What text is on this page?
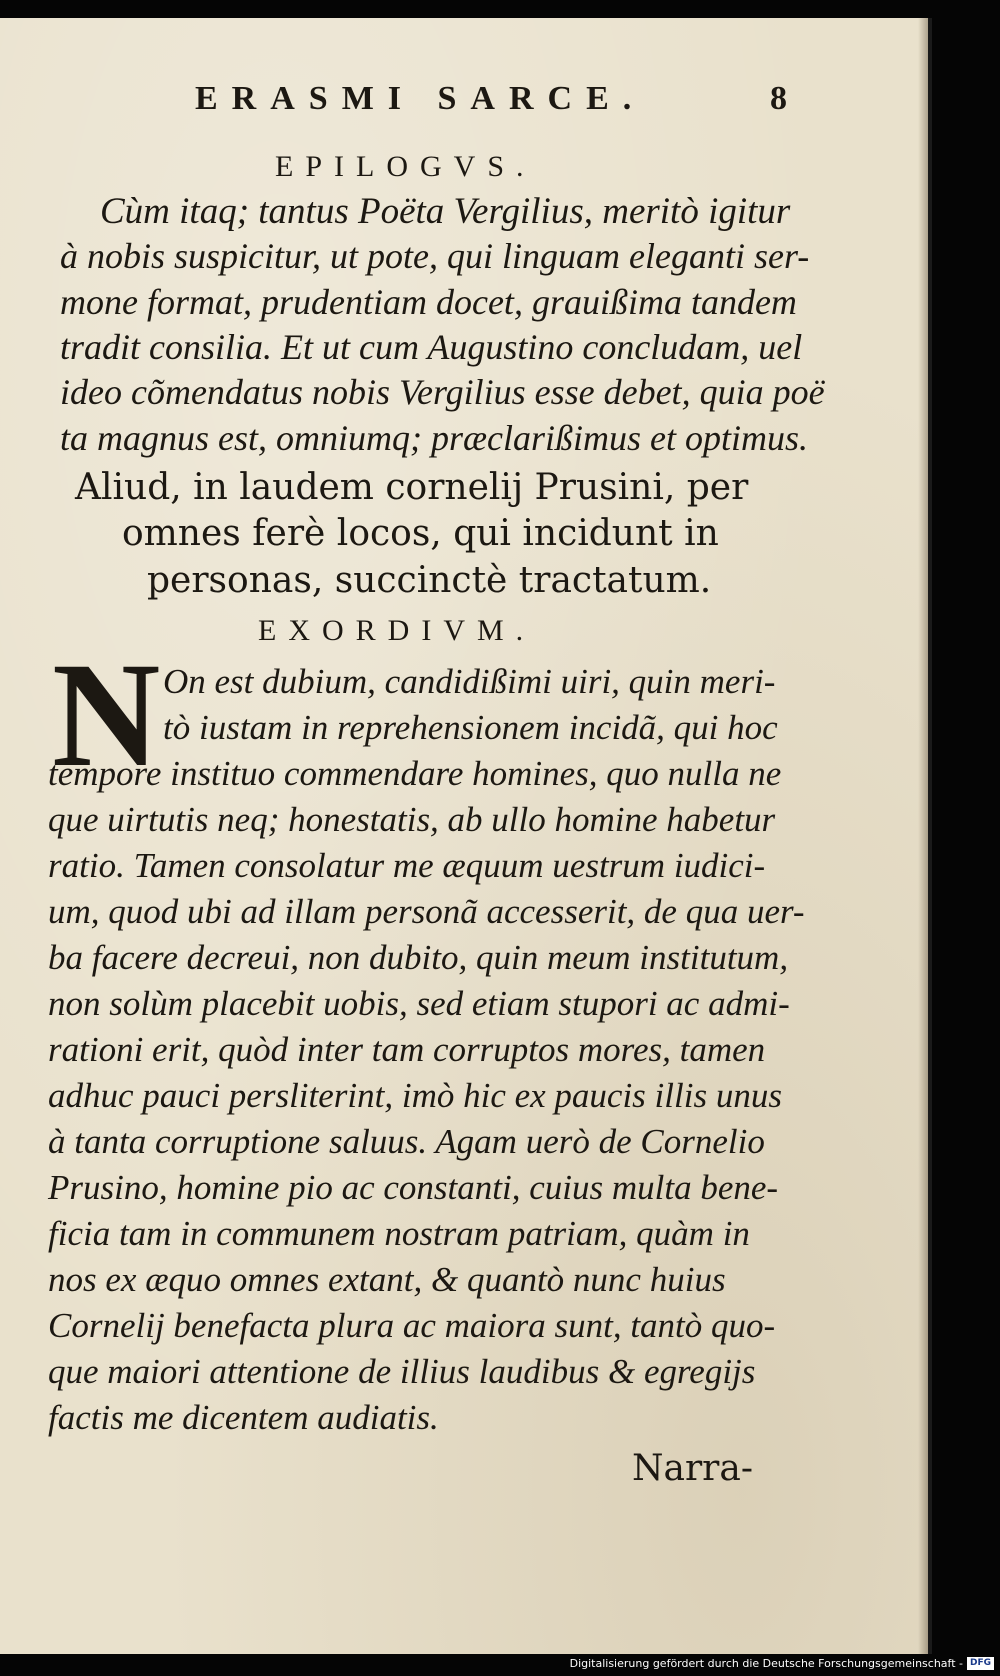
ERASMI SARCE.	8
EPILOGVS.
Cùm itaq; tantus Poëta Vergilius, meritò igitur
à nobis suspicitur, ut pote, qui linguam eleganti ser-
mone format, prudentiam docet, grauißima tandem
tradit consilia. Et ut cum Augustino concludam, uel
ideo cõmendatus nobis Vergilius esse debet, quia poë
ta magnus est, omniumq; præclarißimus et optimus.
Aliud, in laudem cornelij Prusini, per
omnes ferè locos, qui incidunt in
personas, succinctè tractatum.
EXORDIVM.
N On est dubium, candidißimi uiri, quin meri-
tò iustam in reprehensionem incidã, qui hoc
tempore instituo commendare homines, quo nulla ne
que uirtutis neq; honestatis, ab ullo homine habetur
ratio. Tamen consolatur me æquum uestrum iudici-
um, quod ubi ad illam personã accesserit, de qua uer-
ba facere decreui, non dubito, quin meum institutum,
non solùm placebit uobis, sed etiam stupori ac admi-
rationi erit, quòd inter tam corruptos mores, tamen
adhuc pauci persliterint, imò hic ex paucis illis unus
à tanta corruptione saluus. Agam uerò de Cornelio
Prusino, homine pio ac constanti, cuius multa bene-
ficia tam in communem nostram patriam, quàm in
nos ex æquo omnes extant, & quantò nunc huius
Cornelij benefacta plura ac maiora sunt, tantò quo-
que maiori attentione de illius laudibus & egregijs
factis me dicentem audiatis.
Narra-
Digitalisierung gefördert durch die Deutsche Forschungsgemeinschaft - DFG
